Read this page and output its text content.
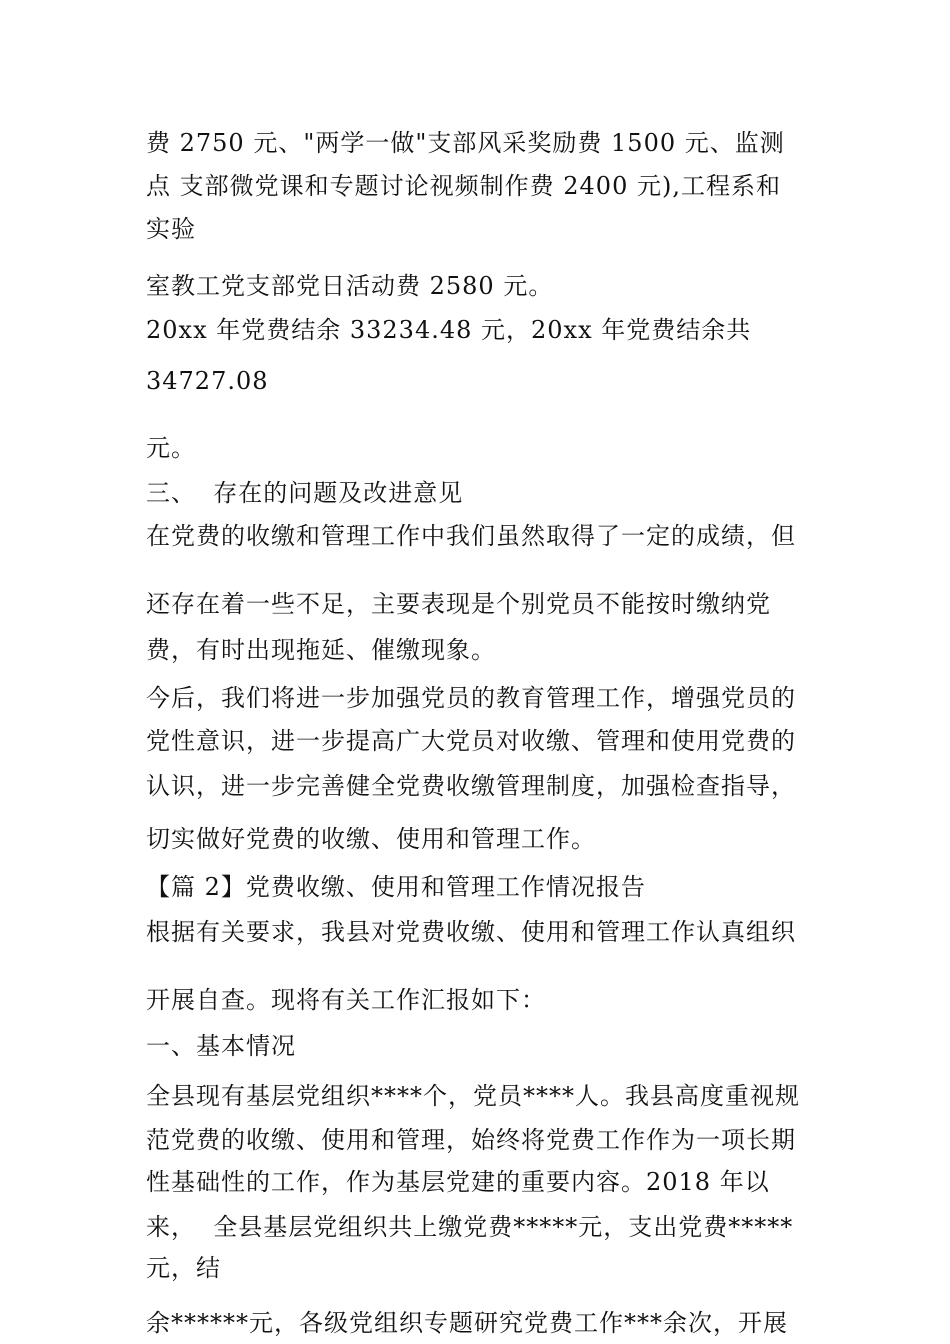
费 2750 元、"两学一做"支部风采奖励费 1500 元、监测
点 支部微党课和专题讨论视频制作费 2400 元),工程系和
实验
室教工党支部党日活动费 2580 元。
20xx 年党费结余 33234.48 元，20xx 年党费结余共
34727.08
元。
三、  存在的问题及改进意见
在党费的收缴和管理工作中我们虽然取得了一定的成绩，但
还存在着一些不足，主要表现是个别党员不能按时缴纳党
费，有时出现拖延、催缴现象。
今后，我们将进一步加强党员的教育管理工作，增强党员的
党性意识，进一步提高广大党员对收缴、管理和使用党费的
认识，进一步完善健全党费收缴管理制度，加强检查指导，
切实做好党费的收缴、使用和管理工作。
【篇 2】党费收缴、使用和管理工作情况报告
根据有关要求，我县对党费收缴、使用和管理工作认真组织
开展自查。现将有关工作汇报如下：
一、基本情况
全县现有基层党组织****个，党员****人。我县高度重视规
范党费的收缴、使用和管理，始终将党费工作作为一项长期
性基础性的工作，作为基层党建的重要内容。2018 年以
来，  全县基层党组织共上缴党费*****元，支出党费*****
元，结
余******元，各级党组织专题研究党费工作***余次，开展
